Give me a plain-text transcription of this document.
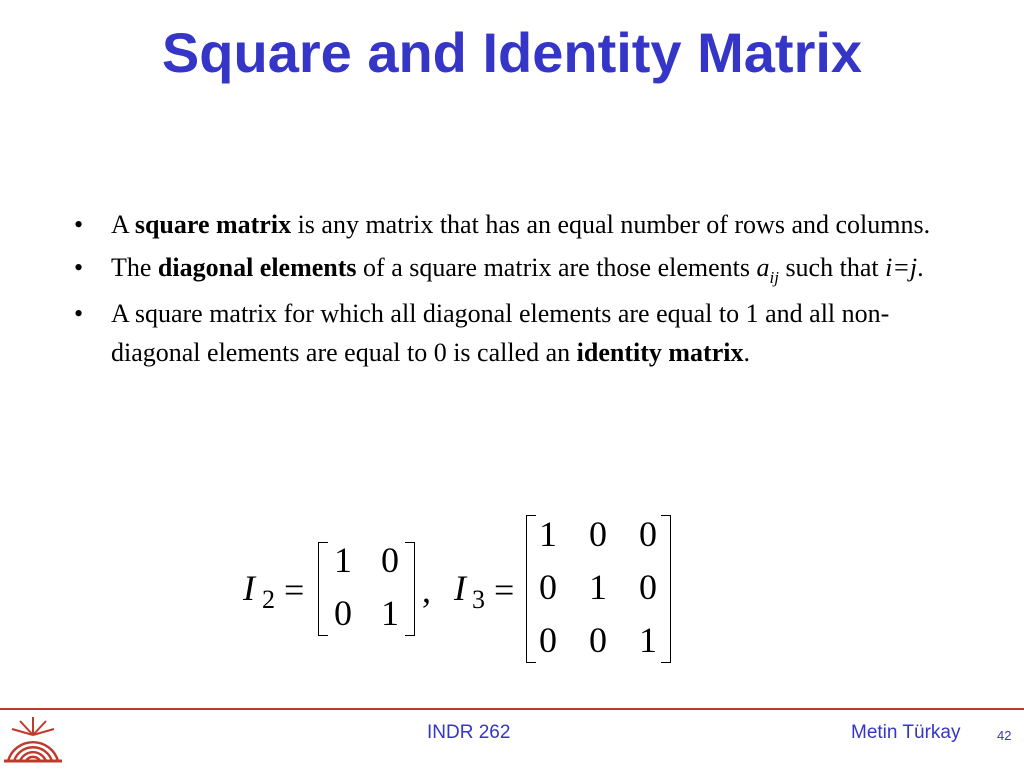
Square and Identity Matrix
• A square matrix is any matrix that has an equal number of rows and columns.
• The diagonal elements of a square matrix are those elements $a_{ij}$ such that i=j.
• A square matrix for which all diagonal elements are equal to 1 and all non-diagonal elements are equal to 0 is called an identity matrix.
I 2 =
1 0
0 1
, I 3 =
1 0 0
0 1 0
0 0 1
INDR 262	Metin Türkay	42
